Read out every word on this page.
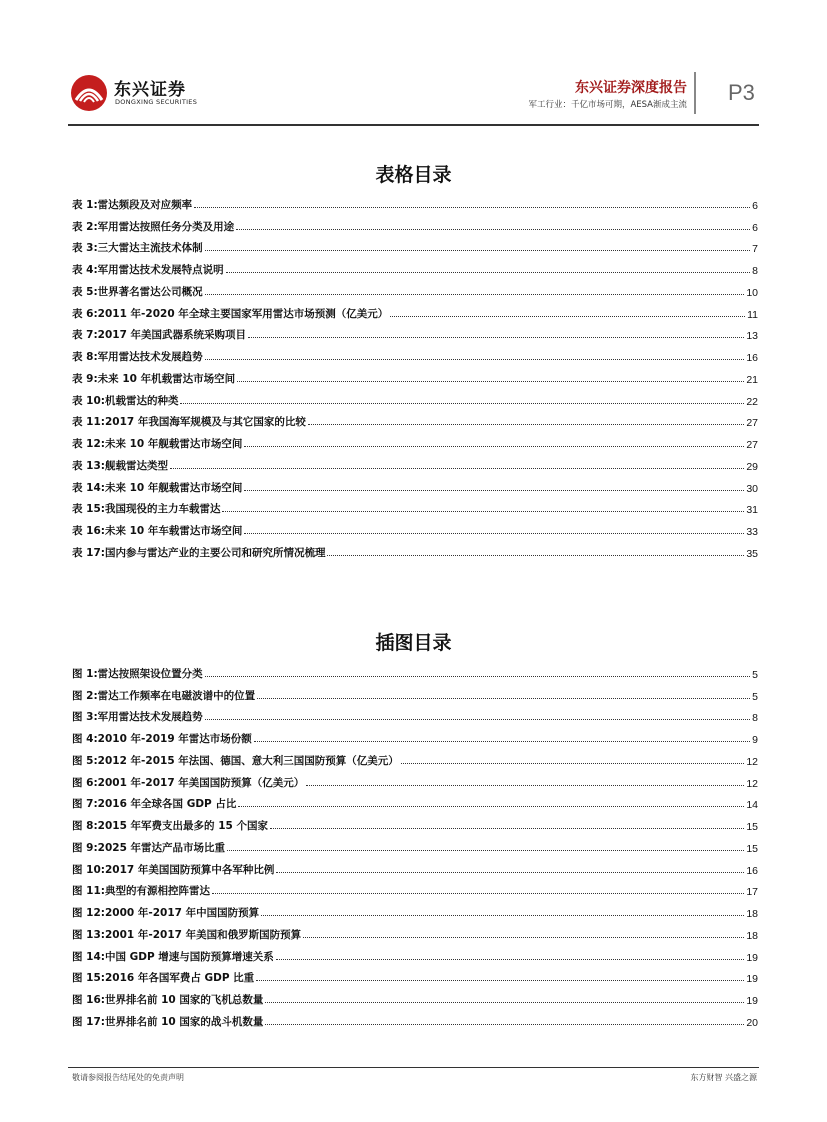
东兴证券
DONGXING SECURITIES
东兴证券深度报告
军工行业：千亿市场可期，AESA渐成主流 P3
表格目录
表 1:雷达频段及对应频率	6
表 2:军用雷达按照任务分类及用途	6
表 3:三大雷达主流技术体制	7
表 4:军用雷达技术发展特点说明	8
表 5:世界著名雷达公司概况	10
表 6:2011 年-2020 年全球主要国家军用雷达市场预测（亿美元）	11
表 7:2017 年美国武器系统采购项目	13
表 8:军用雷达技术发展趋势	16
表 9:未来 10 年机载雷达市场空间	21
表 10:机载雷达的种类	22
表 11:2017 年我国海军规模及与其它国家的比较	27
表 12:未来 10 年舰载雷达市场空间	27
表 13:舰载雷达类型	29
表 14:未来 10 年舰载雷达市场空间	30
表 15:我国现役的主力车载雷达	31
表 16:未来 10 年车载雷达市场空间	33
表 17:国内参与雷达产业的主要公司和研究所情况梳理	35
插图目录
图 1:雷达按照架设位置分类	5
图 2:雷达工作频率在电磁波谱中的位置	5
图 3:军用雷达技术发展趋势	8
图 4:2010 年-2019 年雷达市场份额	9
图 5:2012 年-2015 年法国、德国、意大利三国国防预算（亿美元）	12
图 6:2001 年-2017 年美国国防预算（亿美元）	12
图 7:2016 年全球各国 GDP 占比	14
图 8:2015 年军费支出最多的 15 个国家	15
图 9:2025 年雷达产品市场比重	15
图 10:2017 年美国国防预算中各军种比例	16
图 11:典型的有源相控阵雷达	17
图 12:2000 年-2017 年中国国防预算	18
图 13:2001 年-2017 年美国和俄罗斯国防预算	18
图 14:中国 GDP 增速与国防预算增速关系	19
图 15:2016 年各国军费占 GDP 比重	19
图 16:世界排名前 10 国家的飞机总数量	19
图 17:世界排名前 10 国家的战斗机数量	20
敬请参阅报告结尾处的免责声明	东方财智 兴盛之源
